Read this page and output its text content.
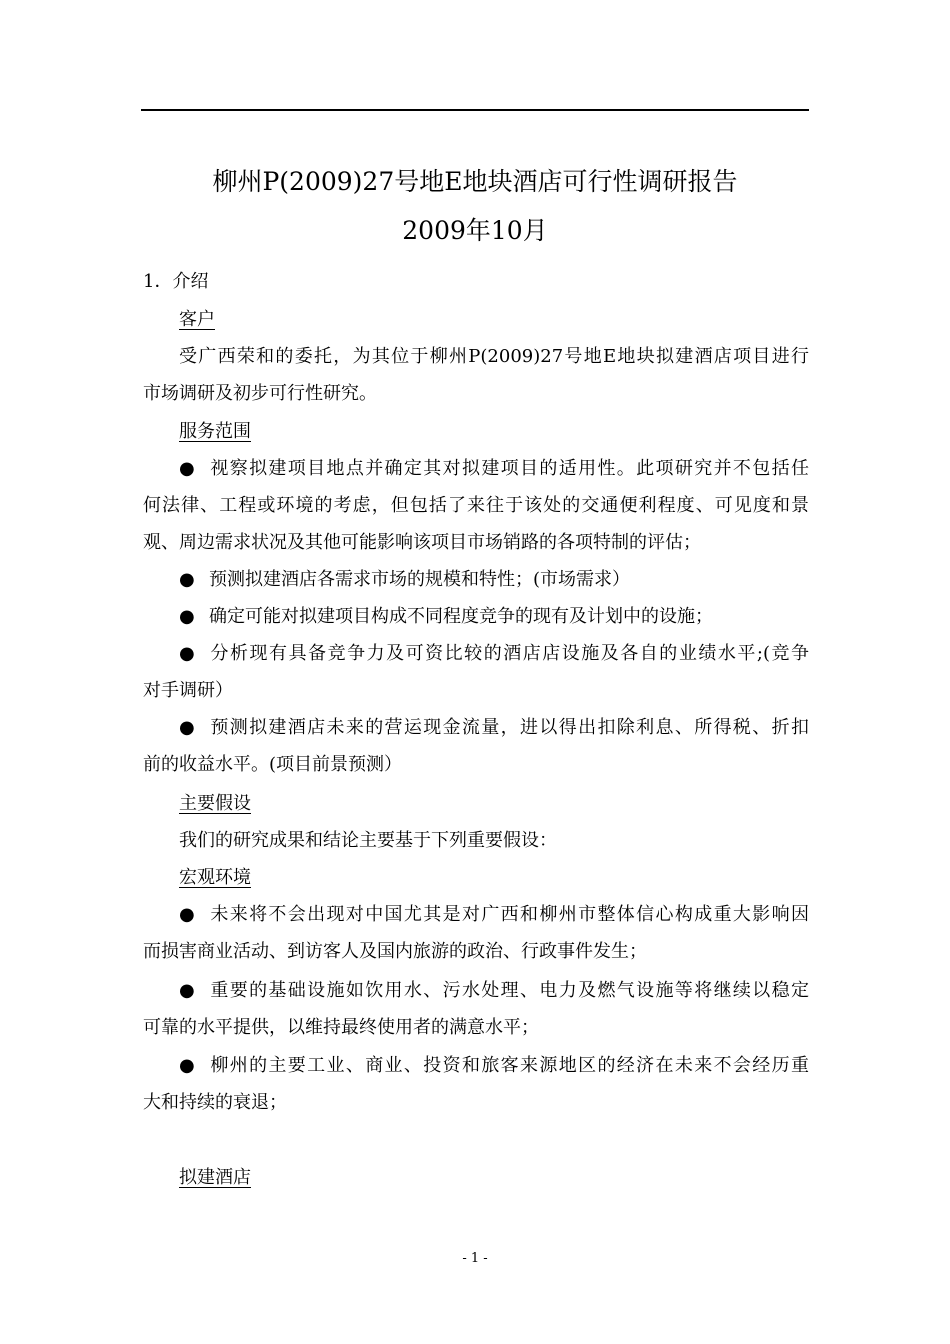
柳州P(2009)27号地E地块酒店可行性调研报告
2009年10月
1．介绍
客户
受广西荣和的委托，为其位于柳州P(2009)27号地E地块拟建酒店项目进行
市场调研及初步可行性研究。
服务范围
● 视察拟建项目地点并确定其对拟建项目的适用性。此项研究并不包括任
何法律、工程或环境的考虑，但包括了来往于该处的交通便利程度、可见度和景
观、周边需求状况及其他可能影响该项目市场销路的各项特制的评估；
● 预测拟建酒店各需求市场的规模和特性；(市场需求）
● 确定可能对拟建项目构成不同程度竞争的现有及计划中的设施；
● 分析现有具备竞争力及可资比较的酒店店设施及各自的业绩水平;(竞争
对手调研）
● 预测拟建酒店未来的营运现金流量，进以得出扣除利息、所得税、折扣
前的收益水平。(项目前景预测）
主要假设
我们的研究成果和结论主要基于下列重要假设：
宏观环境
● 未来将不会出现对中国尤其是对广西和柳州市整体信心构成重大影响因
而损害商业活动、到访客人及国内旅游的政治、行政事件发生；
● 重要的基础设施如饮用水、污水处理、电力及燃气设施等将继续以稳定
可靠的水平提供，以维持最终使用者的满意水平；
● 柳州的主要工业、商业、投资和旅客来源地区的经济在未来不会经历重
大和持续的衰退；
拟建酒店
- 1 -
